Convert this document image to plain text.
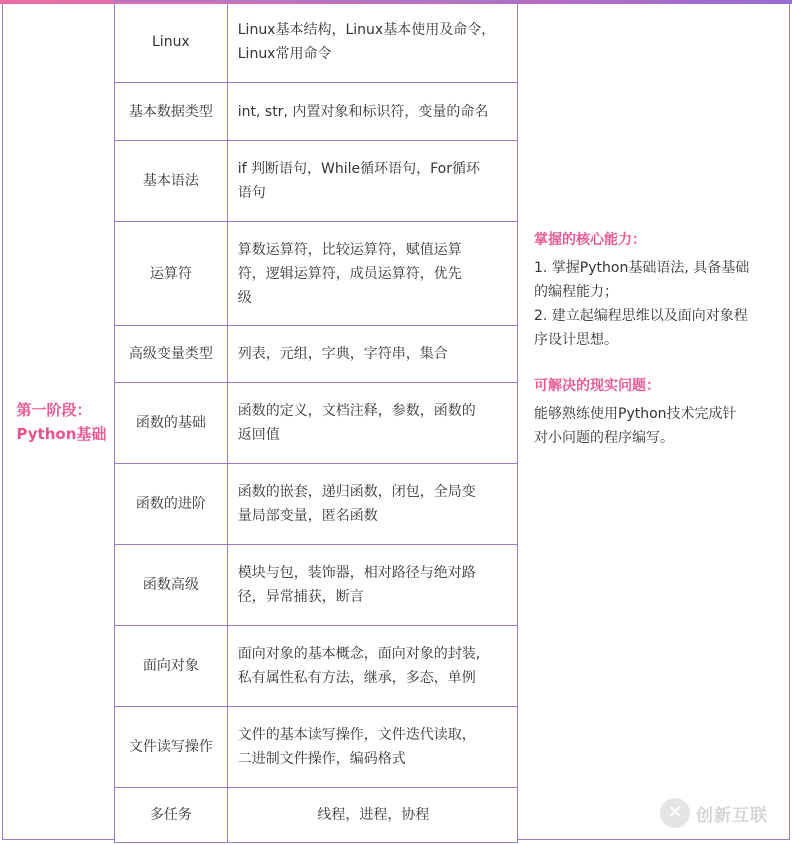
第一阶段：
Python基础
Linux	Linux基本结构，Linux基本使用及命令，
Linux常用命令

基本数据类型	int, str, 内置对象和标识符，变量的命名

基本语法	if 判断语句，While循环语句，For循环
语句

运算符	算数运算符，比较运算符，赋值运算
符，逻辑运算符，成员运算符，优先
级

高级变量类型	列表，元组，字典，字符串，集合

函数的基础	函数的定义，文档注释，参数，函数的
返回值

函数的进阶	函数的嵌套，递归函数，闭包，全局变
量局部变量，匿名函数

函数高级	模块与包，装饰器，相对路径与绝对路
径，异常捕获，断言

面向对象	面向对象的基本概念，面向对象的封装,
私有属性私有方法，继承，多态，单例

文件读写操作	文件的基本读写操作，文件迭代读取，
二进制文件操作，编码格式

多任务	线程，进程，协程

掌握的核心能力：

1. 掌握Python基础语法, 具备基础
的编程能力；
2. 建立起编程思维以及面向对象程
序设计思想。

可解决的现实问题：

能够熟练使用Python技术完成针
对小问题的程序编写。

✕ 创新互联
